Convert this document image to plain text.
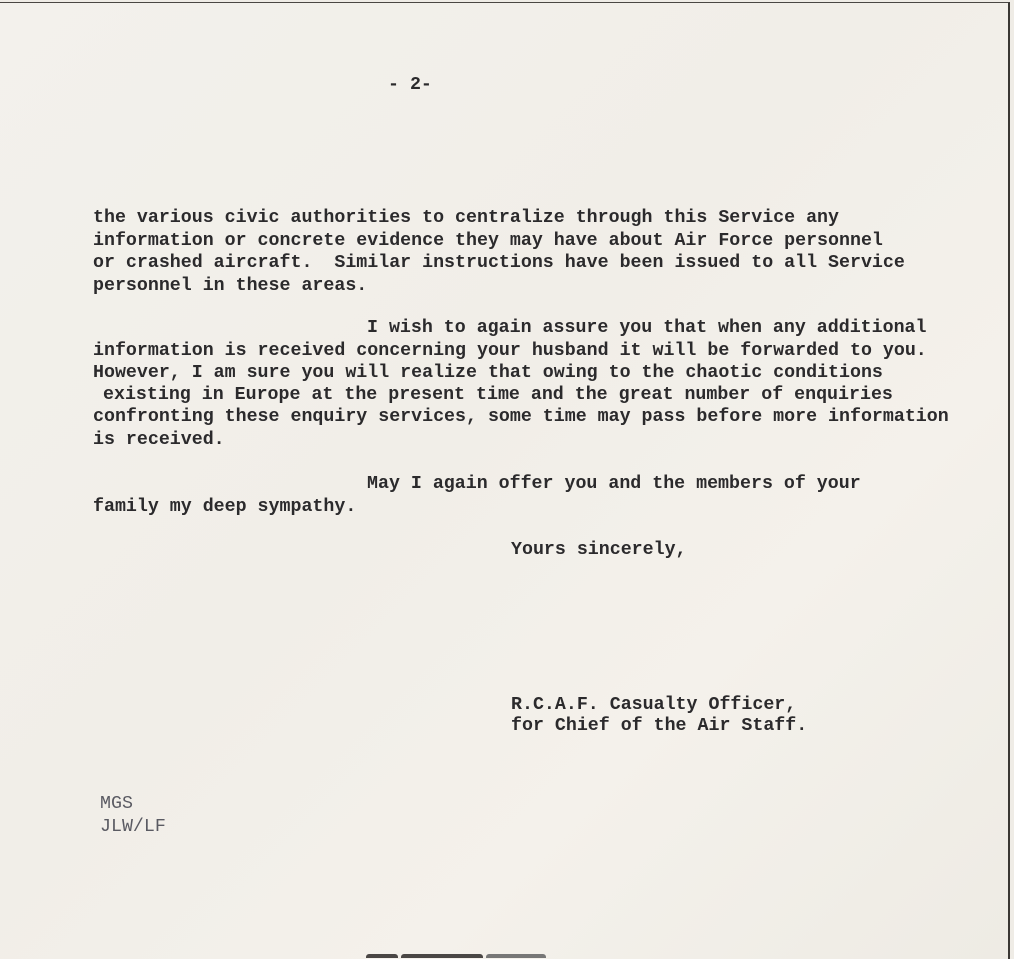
- 2-
the various civic authorities to centralize through this Service any
information or concrete evidence they may have about Air Force personnel
or crashed aircraft.  Similar instructions have been issued to all Service
personnel in these areas.
I wish to again assure you that when any additional
information is received concerning your husband it will be forwarded to you.
However, I am sure you will realize that owing to the chaotic conditions
existing in Europe at the present time and the great number of enquiries
confronting these enquiry services, some time may pass before more information
is received.
May I again offer you and the members of your
family my deep sympathy.
Yours sincerely,
R.C.A.F. Casualty Officer,
for Chief of the Air Staff.
MGS
JLW/LF
